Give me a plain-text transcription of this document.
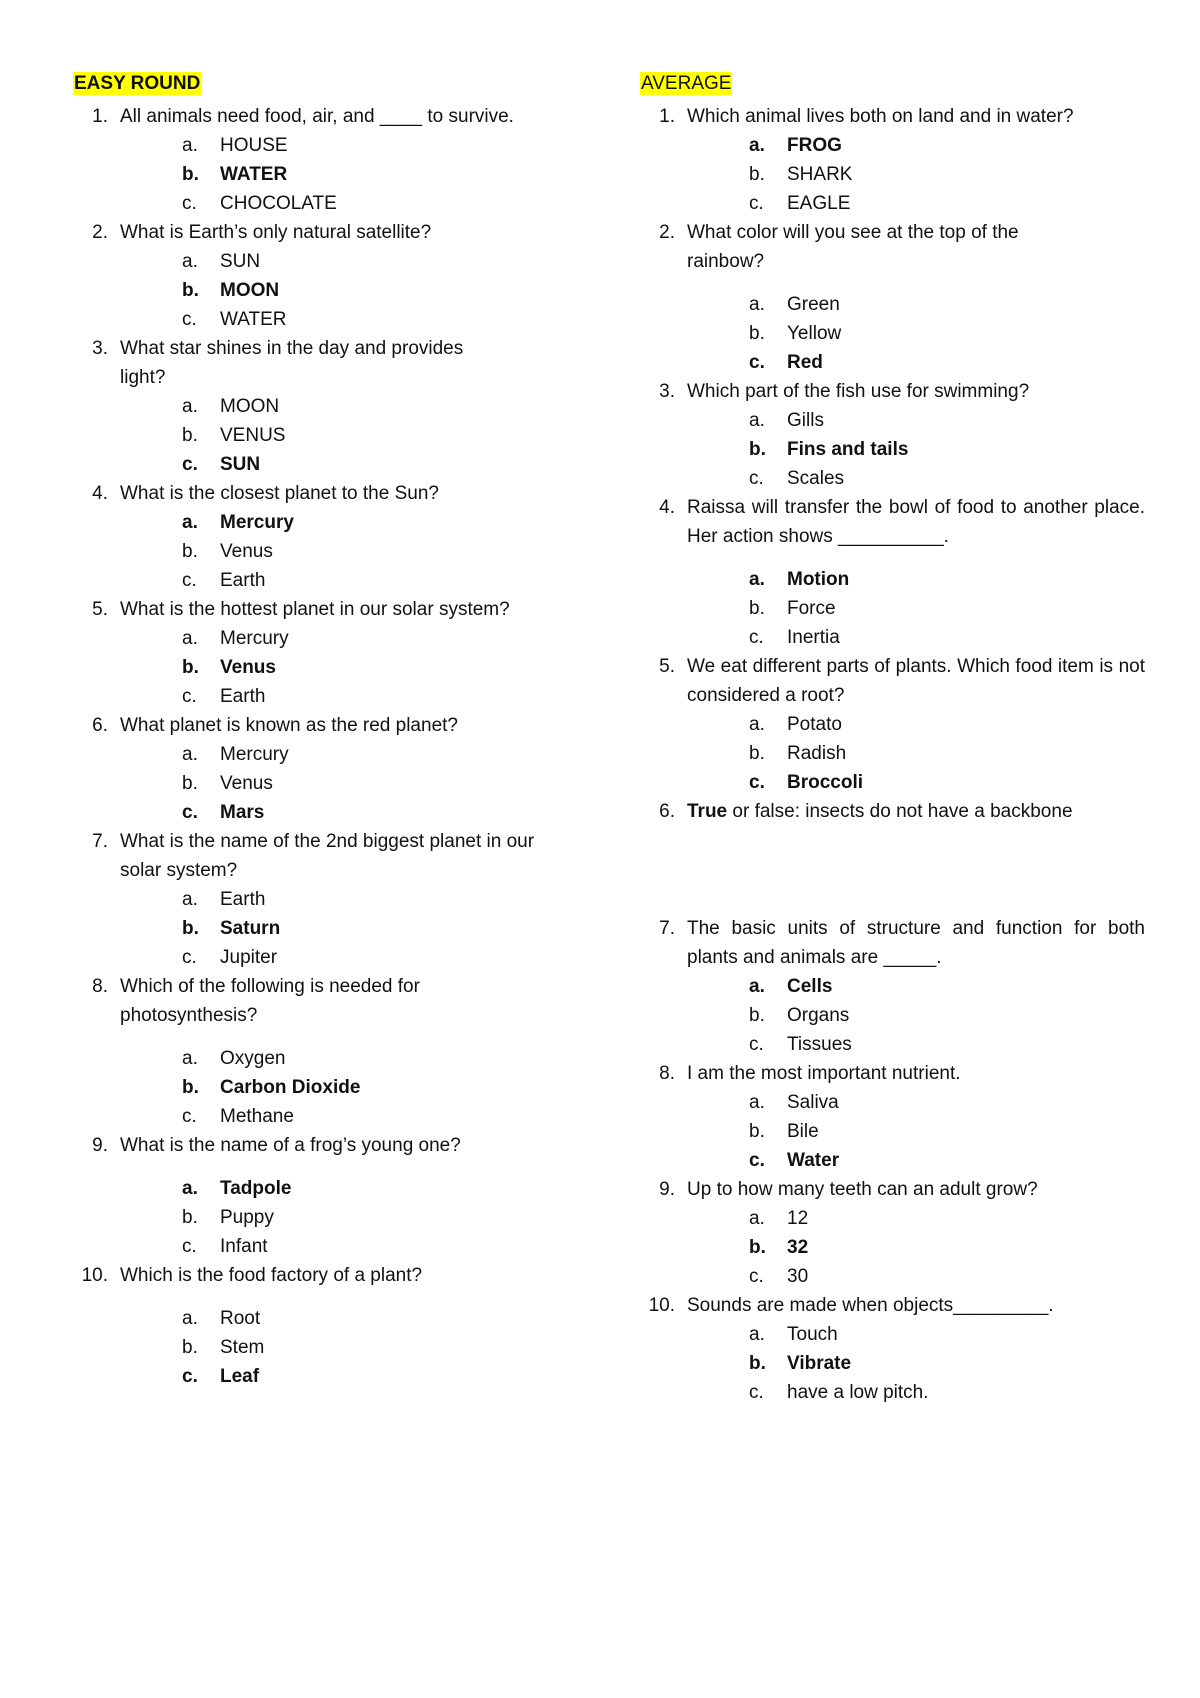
EASY ROUND
1. All animals need food, air, and ____ to survive.
a.	HOUSE
b.	WATER
c.	CHOCOLATE
2. What is Earth’s only natural satellite?
a.	SUN
b.	MOON
c.	WATER
3. What star shines in the day and provides light?
a.	MOON
b.	VENUS
c.	SUN
4. What is the closest planet to the Sun?
a.	Mercury
b.	Venus
c.	Earth
5. What is the hottest planet in our solar system?
a.	Mercury
b.	Venus
c.	Earth
6. What planet is known as the red planet?
a.	Mercury
b.	Venus
c.	Mars
7. What is the name of the 2nd biggest planet in our solar system?
a.	Earth
b.	Saturn
c.	Jupiter
8. Which of the following is needed for photosynthesis?
a.	Oxygen
b.	Carbon Dioxide
c.	Methane
9. What is the name of a frog’s young one?
a.	Tadpole
b.	Puppy
c.	Infant
10. Which is the food factory of a plant?
a.	Root
b.	Stem
c.	Leaf
AVERAGE
1. Which animal lives both on land and in water?
a.	FROG
b.	SHARK
c.	EAGLE
2. What color will you see at the top of the rainbow?
a.	Green
b.	Yellow
c.	Red
3. Which part of the fish use for swimming?
a.	Gills
b.	Fins and tails
c.	Scales
4. Raissa will transfer the bowl of food to another place. Her action shows __________.
a.	Motion
b.	Force
c.	Inertia
5. We eat different parts of plants. Which food item is not considered a root?
a.	Potato
b.	Radish
c.	Broccoli
6. True or false: insects do not have a backbone
7. The basic units of structure and function for both plants and animals are _____.
a.	Cells
b.	Organs
c.	Tissues
8. I am the most important nutrient.
a.	Saliva
b.	Bile
c.	Water
9. Up to how many teeth can an adult grow?
a.	12
b.	32
c.	30
10. Sounds are made when objects_________.
a.	Touch
b.	Vibrate
c.	have a low pitch.
